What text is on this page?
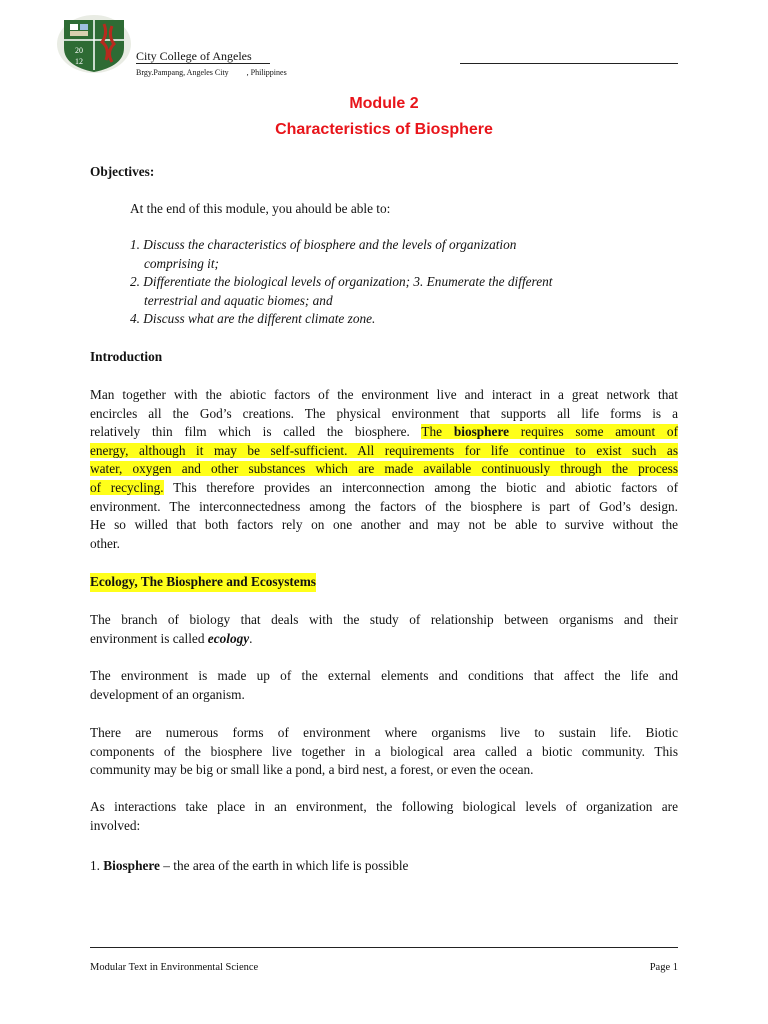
20
12	City College of Angeles
Brgy.Pampang, Angeles City , Philippines
Module 2
Characteristics of Biosphere
Objectives:
At the end of this module, you ahould be able to:
1. Discuss the characteristics of biosphere and the levels of organization
comprising it;
2. Differentiate the biological levels of organization; 3. Enumerate the different
terrestrial and aquatic biomes; and
4. Discuss what are the different climate zone.
Introduction
Man together with the abiotic factors of the environment live and interact in a great network that
encircles all the God’s creations. The physical environment that supports all life forms is a
relatively thin film which is called the biosphere. The biosphere requires some amount of
energy, although it may be self-sufficient. All requirements for life continue to exist such as
water, oxygen and other substances which are made available continuously through the process
of recycling. This therefore provides an interconnection among the biotic and abiotic factors of
environment. The interconnectedness among the factors of the biosphere is part of God’s design.
He so willed that both factors rely on one another and may not be able to survive without the
other.
Ecology, The Biosphere and Ecosystems
The branch of biology that deals with the study of relationship between organisms and their
environment is called ecology.
The environment is made up of the external elements and conditions that affect the life and
development of an organism.
There are numerous forms of environment where organisms live to sustain life. Biotic
components of the biosphere live together in a biological area called a biotic community. This
community may be big or small like a pond, a bird nest, a forest, or even the ocean.
As interactions take place in an environment, the following biological levels of organization are
involved:
1. Biosphere – the area of the earth in which life is possible
Modular Text in Environmental Science	Page 1
